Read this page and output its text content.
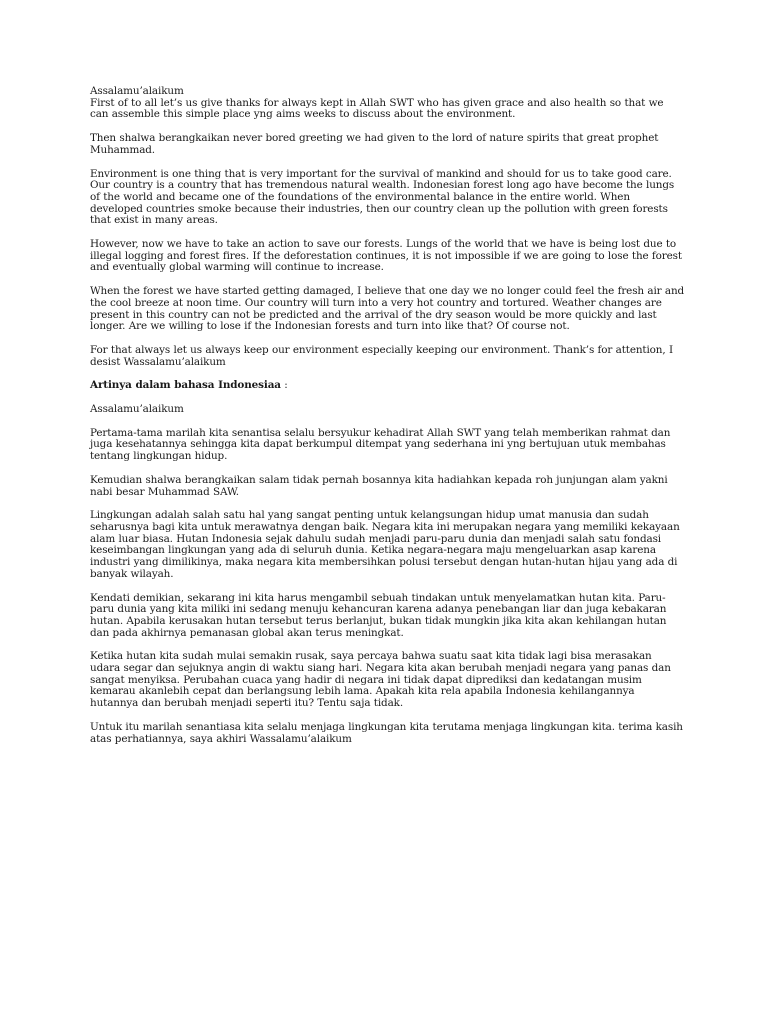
Assalamu’alaikum

First of to all let’s us give thanks for always kept in Allah SWT who has given grace and also health so that we can assemble this simple place yng aims weeks to discuss about the environment.

Then shalwa berangkaikan never bored greeting we had given to the lord of nature spirits that great prophet Muhammad.

Environment is one thing that is very important for the survival of mankind and should for us to take good care. Our country is a country that has tremendous natural wealth. Indonesian forest long ago have become the lungs of the world and became one of the foundations of the environmental balance in the entire world. When developed countries smoke because their industries, then our country clean up the pollution with green forests that exist in many areas.

However, now we have to take an action to save our forests. Lungs of the world that we have is being lost due to illegal logging and forest fires. If the deforestation continues, it is not impossible if we are going to lose the forest and eventually global warming will continue to increase.

When the forest we have started getting damaged, I believe that one day we no longer could feel the fresh air and the cool breeze at noon time. Our country will turn into a very hot country and tortured. Weather changes are present in this country can not be predicted and the arrival of the dry season would be more quickly and last longer. Are we willing to lose if the Indonesian forests and turn into like that? Of course not.

For that always let us always keep our environment especially keeping our environment. Thank’s for attention, I desist Wassalamu’alaikum

Artinya dalam bahasa Indonesiaa :

Assalamu’alaikum

Pertama-tama marilah kita senantisa selalu bersyukur kehadirat Allah SWT yang telah memberikan rahmat dan juga kesehatannya sehingga kita dapat berkumpul ditempat yang sederhana ini yng bertujuan utuk membahas tentang lingkungan hidup.

Kemudian shalwa berangkaikan salam tidak pernah bosannya kita hadiahkan kepada roh junjungan alam yakni nabi besar Muhammad SAW.

Lingkungan adalah salah satu hal yang sangat penting untuk kelangsungan hidup umat manusia dan sudah seharusnya bagi kita untuk merawatnya dengan baik. Negara kita ini merupakan negara yang memiliki kekayaan alam luar biasa. Hutan Indonesia sejak dahulu sudah menjadi paru-paru dunia dan menjadi salah satu fondasi keseimbangan lingkungan yang ada di seluruh dunia. Ketika negara-negara maju mengeluarkan asap karena industri yang dimilikinya, maka negara kita membersihkan polusi tersebut dengan hutan-hutan hijau yang ada di banyak wilayah.

Kendati demikian, sekarang ini kita harus mengambil sebuah tindakan untuk menyelamatkan hutan kita. Paru-paru dunia yang kita miliki ini sedang menuju kehancuran karena adanya penebangan liar dan juga kebakaran hutan. Apabila kerusakan hutan tersebut terus berlanjut, bukan tidak mungkin jika kita akan kehilangan hutan dan pada akhirnya pemanasan global akan terus meningkat.

Ketika hutan kita sudah mulai semakin rusak, saya percaya bahwa suatu saat kita tidak lagi bisa merasakan udara segar dan sejuknya angin di waktu siang hari. Negara kita akan berubah menjadi negara yang panas dan sangat menyiksa. Perubahan cuaca yang hadir di negara ini tidak dapat diprediksi dan kedatangan musim kemarau akanlebih cepat dan berlangsung lebih lama. Apakah kita rela apabila Indonesia kehilangannya hutannya dan berubah menjadi seperti itu? Tentu saja tidak.

Untuk itu marilah senantiasa kita selalu menjaga lingkungan kita terutama menjaga lingkungan kita. terima kasih atas perhatiannya, saya akhiri Wassalamu’alaikum
